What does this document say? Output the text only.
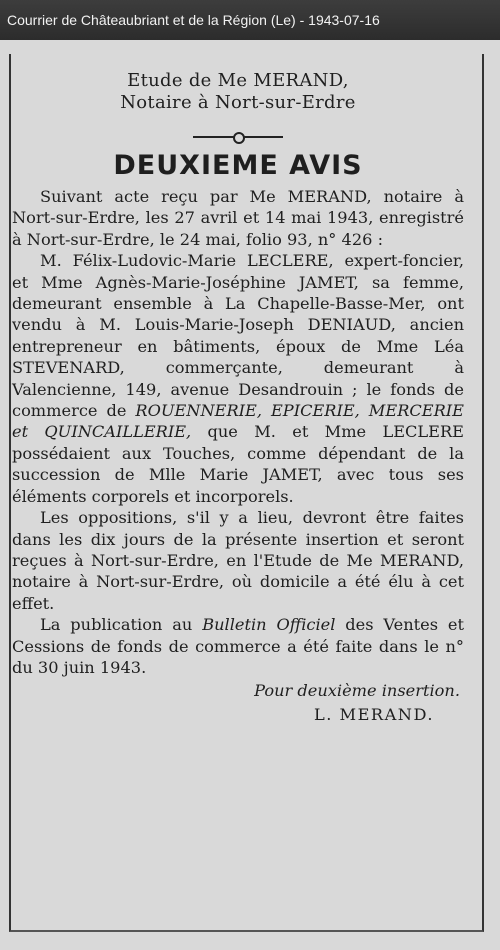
Courrier de Châteaubriant et de la Région (Le) - 1943-07-16
Etude de Me MERAND,
Notaire à Nort-sur-Erdre
DEUXIEME AVIS

Suivant acte reçu par Me MERAND, notaire à Nort-sur-Erdre, les 27 avril et 14 mai 1943, enregistré à Nort-sur-Erdre, le 24 mai, folio 93, n° 426 :

M. Félix-Ludovic-Marie LECLERE, expert-foncier, et Mme Agnès-Marie-Joséphine JAMET, sa femme, demeurant ensemble à La Chapelle-Basse-Mer, ont vendu à M. Louis-Marie-Joseph DENIAUD, ancien entrepreneur en bâtiments, époux de Mme Léa STEVENARD, commerçante, demeurant à Valencienne, 149, avenue Desandrouin ; le fonds de commerce de ROUENNERIE, EPICERIE, MERCERIE et QUINCAILLERIE, que M. et Mme LECLERE possédaient aux Touches, comme dépendant de la succession de Mlle Marie JAMET, avec tous ses éléments corporels et incorporels.

Les oppositions, s'il y a lieu, devront être faites dans les dix jours de la présente insertion et seront reçues à Nort-sur-Erdre, en l'Etude de Me MERAND, notaire à Nort-sur-Erdre, où domicile a été élu à cet effet.

La publication au Bulletin Officiel des Ventes et Cessions de fonds de commerce a été faite dans le n° du 30 juin 1943.

Pour deuxième insertion.
L. MERAND.
